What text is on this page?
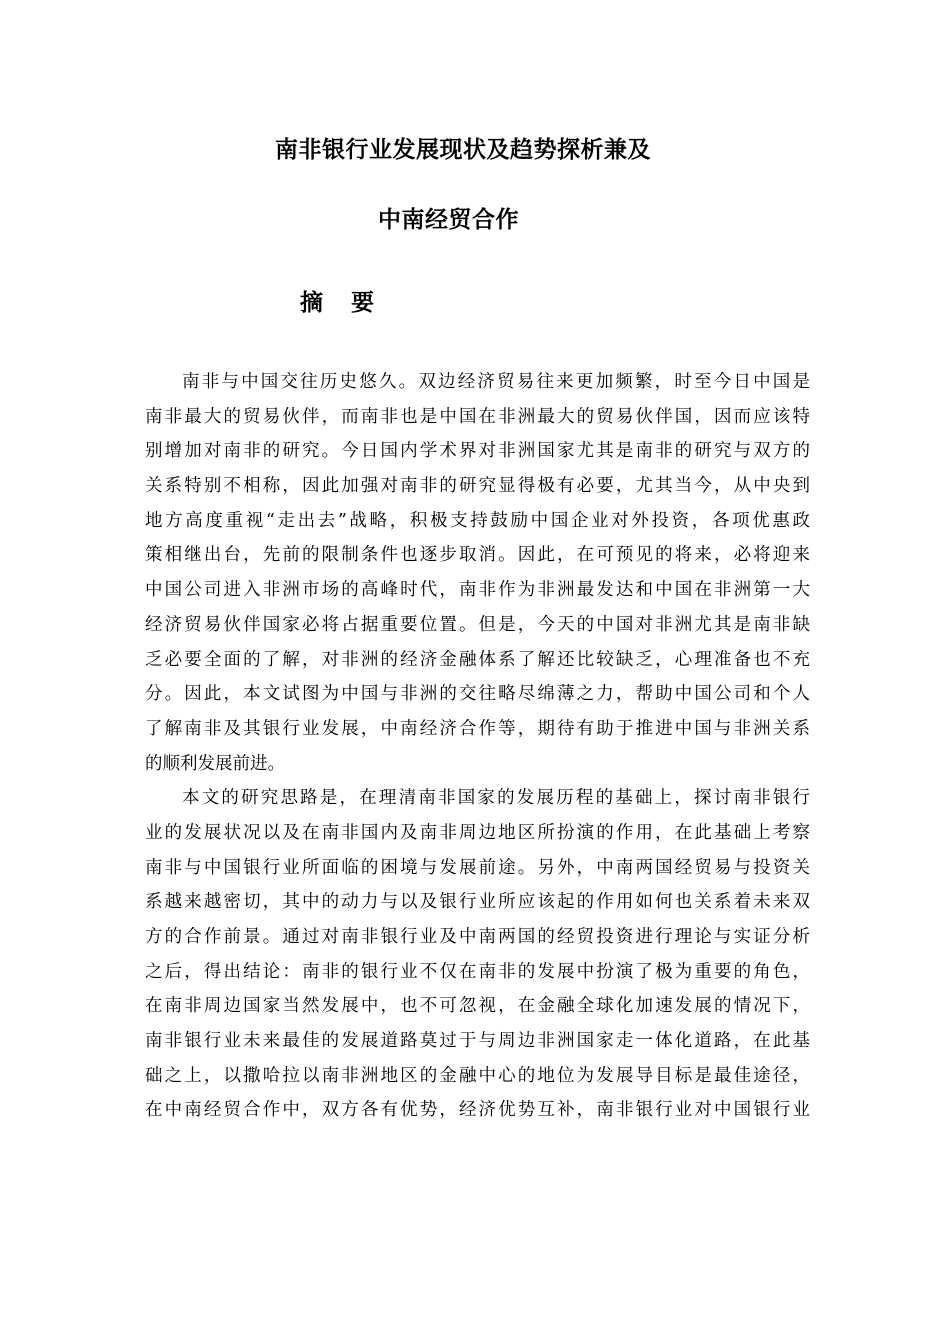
南非银行业发展现状及趋势探析兼及
中南经贸合作
摘要
南非与中国交往历史悠久。双边经济贸易往来更加频繁，时至今日中国是
南非最大的贸易伙伴，而南非也是中国在非洲最大的贸易伙伴国，因而应该特
别增加对南非的研究。今日国内学术界对非洲国家尤其是南非的研究与双方的
关系特别不相称，因此加强对南非的研究显得极有必要，尤其当今，从中央到
地方高度重视“走出去”战略，积极支持鼓励中国企业对外投资，各项优惠政
策相继出台，先前的限制条件也逐步取消。因此，在可预见的将来，必将迎来
中国公司进入非洲市场的高峰时代，南非作为非洲最发达和中国在非洲第一大
经济贸易伙伴国家必将占据重要位置。但是，今天的中国对非洲尤其是南非缺
乏必要全面的了解，对非洲的经济金融体系了解还比较缺乏，心理准备也不充
分。因此，本文试图为中国与非洲的交往略尽绵薄之力，帮助中国公司和个人
了解南非及其银行业发展，中南经济合作等，期待有助于推进中国与非洲关系
的顺利发展前进。
本文的研究思路是，在理清南非国家的发展历程的基础上，探讨南非银行
业的发展状况以及在南非国内及南非周边地区所扮演的作用，在此基础上考察
南非与中国银行业所面临的困境与发展前途。另外，中南两国经贸易与投资关
系越来越密切，其中的动力与以及银行业所应该起的作用如何也关系着未来双
方的合作前景。通过对南非银行业及中南两国的经贸投资进行理论与实证分析
之后，得出结论：南非的银行业不仅在南非的发展中扮演了极为重要的角色，
在南非周边国家当然发展中，也不可忽视，在金融全球化加速发展的情况下，
南非银行业未来最佳的发展道路莫过于与周边非洲国家走一体化道路，在此基
础之上，以撒哈拉以南非洲地区的金融中心的地位为发展导目标是最佳途径，
在中南经贸合作中，双方各有优势，经济优势互补，南非银行业对中国银行业
